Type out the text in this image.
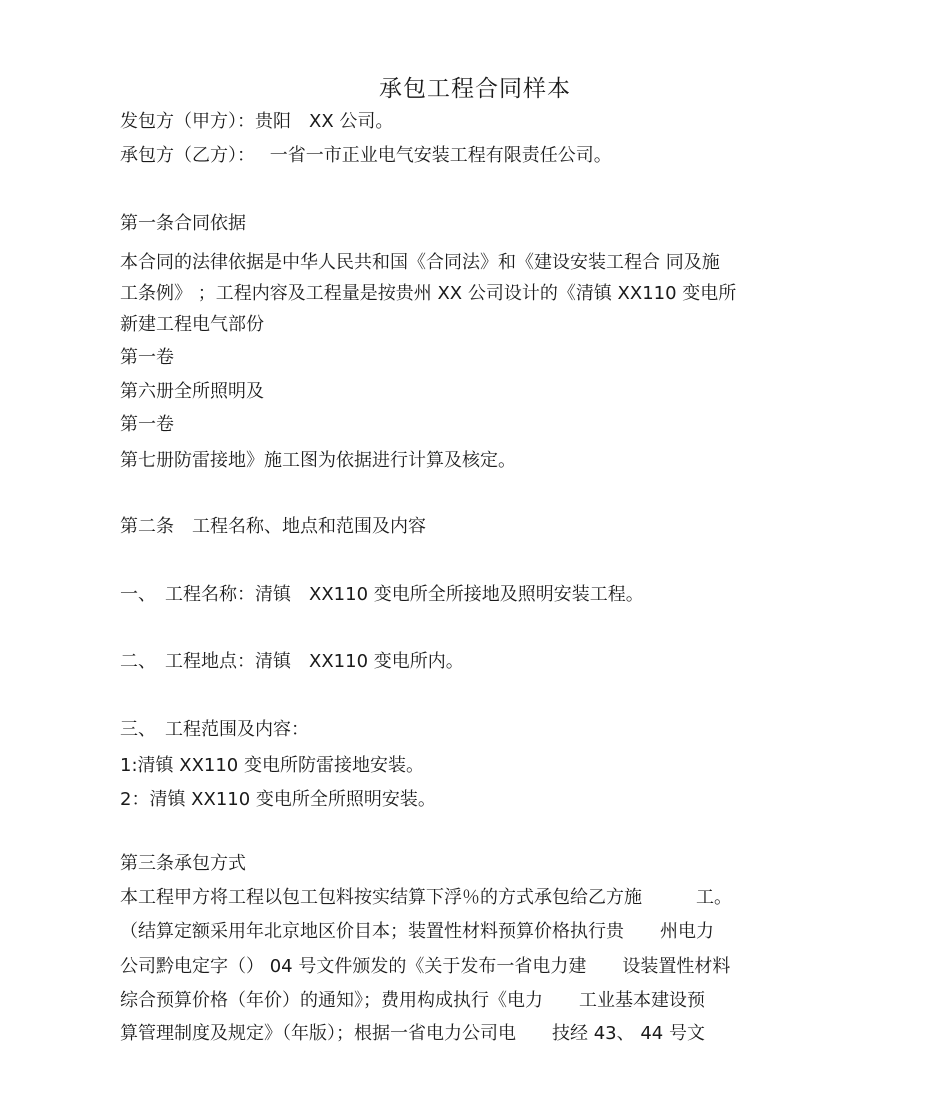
承包工程合同样本
发包方（甲方）：贵阳　XX 公司。
承包方（乙方）：　 一省一市正业电气安装工程有限责任公司。
第一条合同依据
本合同的法律依据是中华人民共和国《合同法》和《建设安装工程合 同及施
工条例》 ；工程内容及工程量是按贵州 XX 公司设计的《清镇 XX110 变电所
新建工程电气部份
第一卷
第六册全所照明及
第一卷
第七册防雷接地》施工图为依据进行计算及核定。
第二条　工程名称、地点和范围及内容
一、　工程名称：清镇　XX110 变电所全所接地及照明安装工程。
二、　工程地点：清镇　XX110 变电所内。
三、　工程范围及内容：
1:清镇 XX110 变电所防雷接地安装。
2：清镇 XX110 变电所全所照明安装。
第三条承包方式
本工程甲方将工程以包工包料按实结算下浮％的方式承包给乙方施　　　工。
（结算定额采用年北京地区价目本；装置性材料预算价格执行贵　　州电力
公司黔电定字（） 04 号文件颁发的《关于发布一省电力建　　设装置性材料
综合预算价格（年价）的通知》；费用构成执行《电力　　工业基本建设预
算管理制度及规定》（年版）；根据一省电力公司电　　技经 43、 44 号文
